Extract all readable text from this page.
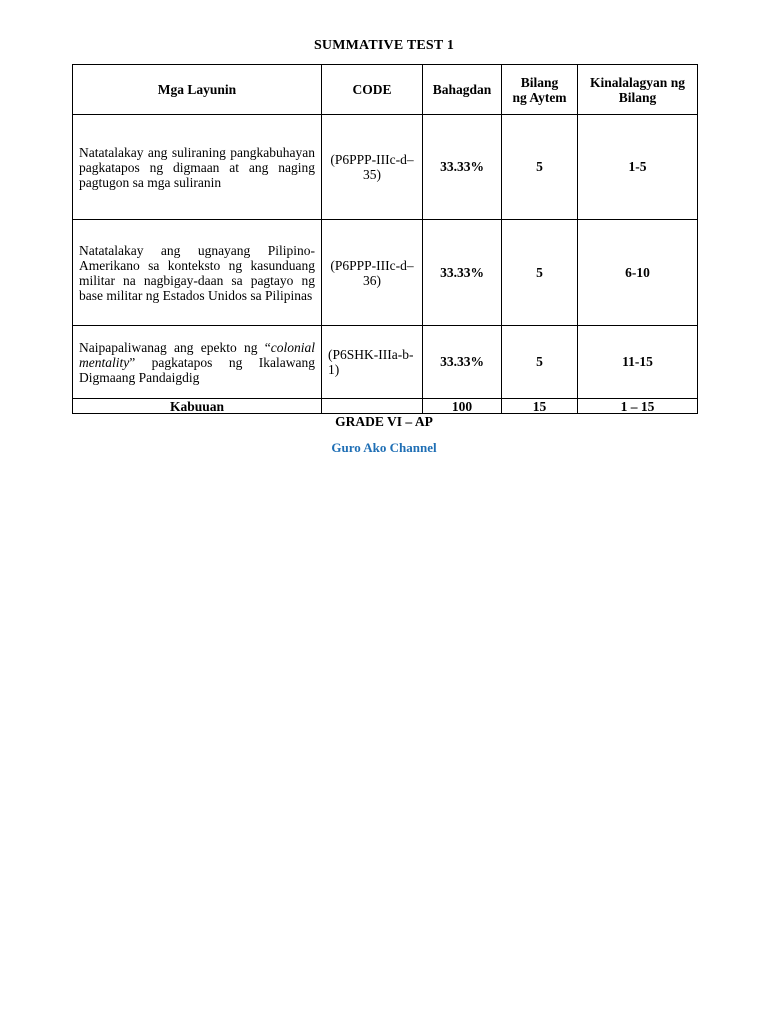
SUMMATIVE TEST 1
Mga Layunin	CODE	Bahagdan	Bilang ng Aytem	Kinalalagyan ng Bilang
Natatalakay ang suliraning pangkabuhayan pagkatapos ng digmaan at ang naging pagtugon sa mga suliranin	(P6PPP-IIIc-d–35)	33.33%	5	1-5
Natatalakay ang ugnayang Pilipino-Amerikano sa konteksto ng kasunduang militar na nagbigay-daan sa pagtayo ng base militar ng Estados Unidos sa Pilipinas	(P6PPP-IIIc-d–36)	33.33%	5	6-10
Naipapaliwanag ang epekto ng “colonial mentality” pagkatapos ng Ikalawang Digmaang Pandaigdig	(P6SHK-IIIa-b-1)	33.33%	5	11-15
Kabuuan		100	15	1 – 15
GRADE VI – AP
Guro Ako Channel
